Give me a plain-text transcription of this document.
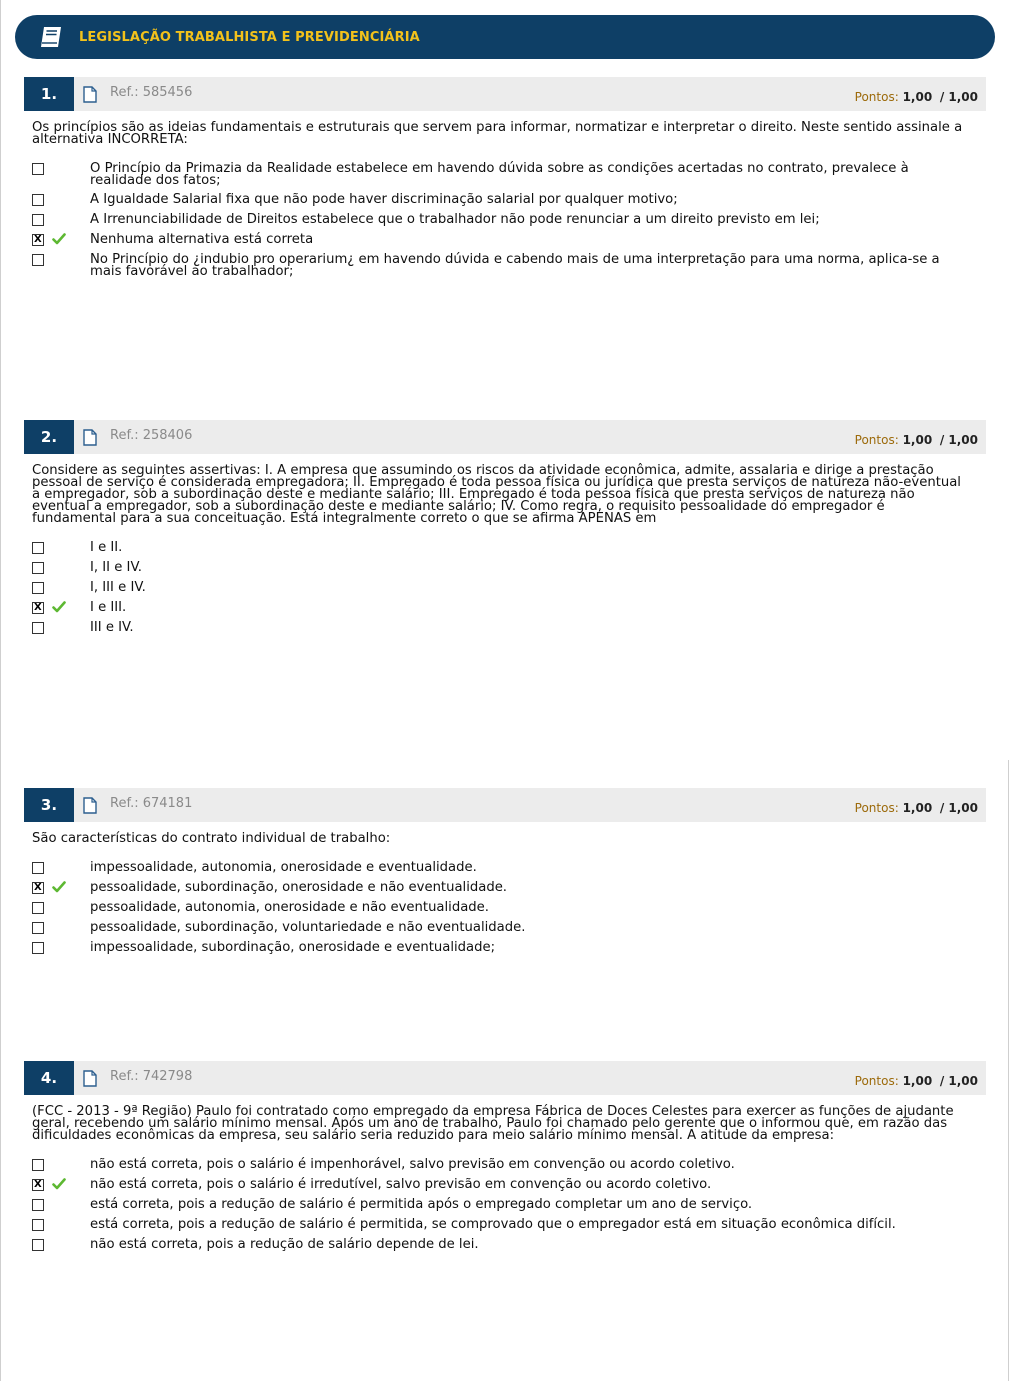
LEGISLAÇÃO TRABALHISTA E PREVIDENCIÁRIA
1.	Ref.: 585456	Pontos: 1,00 / 1,00
Os princípios são as ideias fundamentais e estruturais que servem para informar, normatizar e interpretar o direito. Neste sentido assinale a alternativa INCORRETA:
O Princípio da Primazia da Realidade estabelece em havendo dúvida sobre as condições acertadas no contrato, prevalece à realidade dos fatos;
A Igualdade Salarial fixa que não pode haver discriminação salarial por qualquer motivo;
A Irrenunciabilidade de Direitos estabelece que o trabalhador não pode renunciar a um direito previsto em lei;
X
Nenhuma alternativa está correta
No Princípio do ¿indubio pro operarium¿ em havendo dúvida e cabendo mais de uma interpretação para uma norma, aplica-se a mais favorável ao trabalhador;
2.	Ref.: 258406	Pontos: 1,00 / 1,00
Considere as seguintes assertivas: I. A empresa que assumindo os riscos da atividade econômica, admite, assalaria e dirige a prestação pessoal de serviço é considerada empregadora; II. Empregado é toda pessoa física ou jurídica que presta serviços de natureza não-eventual a empregador, sob a subordinação deste e mediante salário; III. Empregado é toda pessoa física que presta serviços de natureza não eventual a empregador, sob a subordinação deste e mediante salário; IV. Como regra, o requisito pessoalidade do empregador é fundamental para a sua conceituação. Está integralmente correto o que se afirma APENAS em
I e II.
I, II e IV.
I, III e IV.
X
I e III.
III e IV.
3.	Ref.: 674181	Pontos: 1,00 / 1,00
São características do contrato individual de trabalho:
impessoalidade, autonomia, onerosidade e eventualidade.
X
pessoalidade, subordinação, onerosidade e não eventualidade.
pessoalidade, autonomia, onerosidade e não eventualidade.
pessoalidade, subordinação, voluntariedade e não eventualidade.
impessoalidade, subordinação, onerosidade e eventualidade;
4.	Ref.: 742798	Pontos: 1,00 / 1,00
(FCC - 2013 - 9ª Região) Paulo foi contratado como empregado da empresa Fábrica de Doces Celestes para exercer as funções de ajudante geral, recebendo um salário mínimo mensal. Após um ano de trabalho, Paulo foi chamado pelo gerente que o informou que, em razão das dificuldades econômicas da empresa, seu salário seria reduzido para meio salário mínimo mensal. A atitude da empresa:
não está correta, pois o salário é impenhorável, salvo previsão em convenção ou acordo coletivo.
X
não está correta, pois o salário é irredutível, salvo previsão em convenção ou acordo coletivo.
está correta, pois a redução de salário é permitida após o empregado completar um ano de serviço.
está correta, pois a redução de salário é permitida, se comprovado que o empregador está em situação econômica difícil.
não está correta, pois a redução de salário depende de lei.
